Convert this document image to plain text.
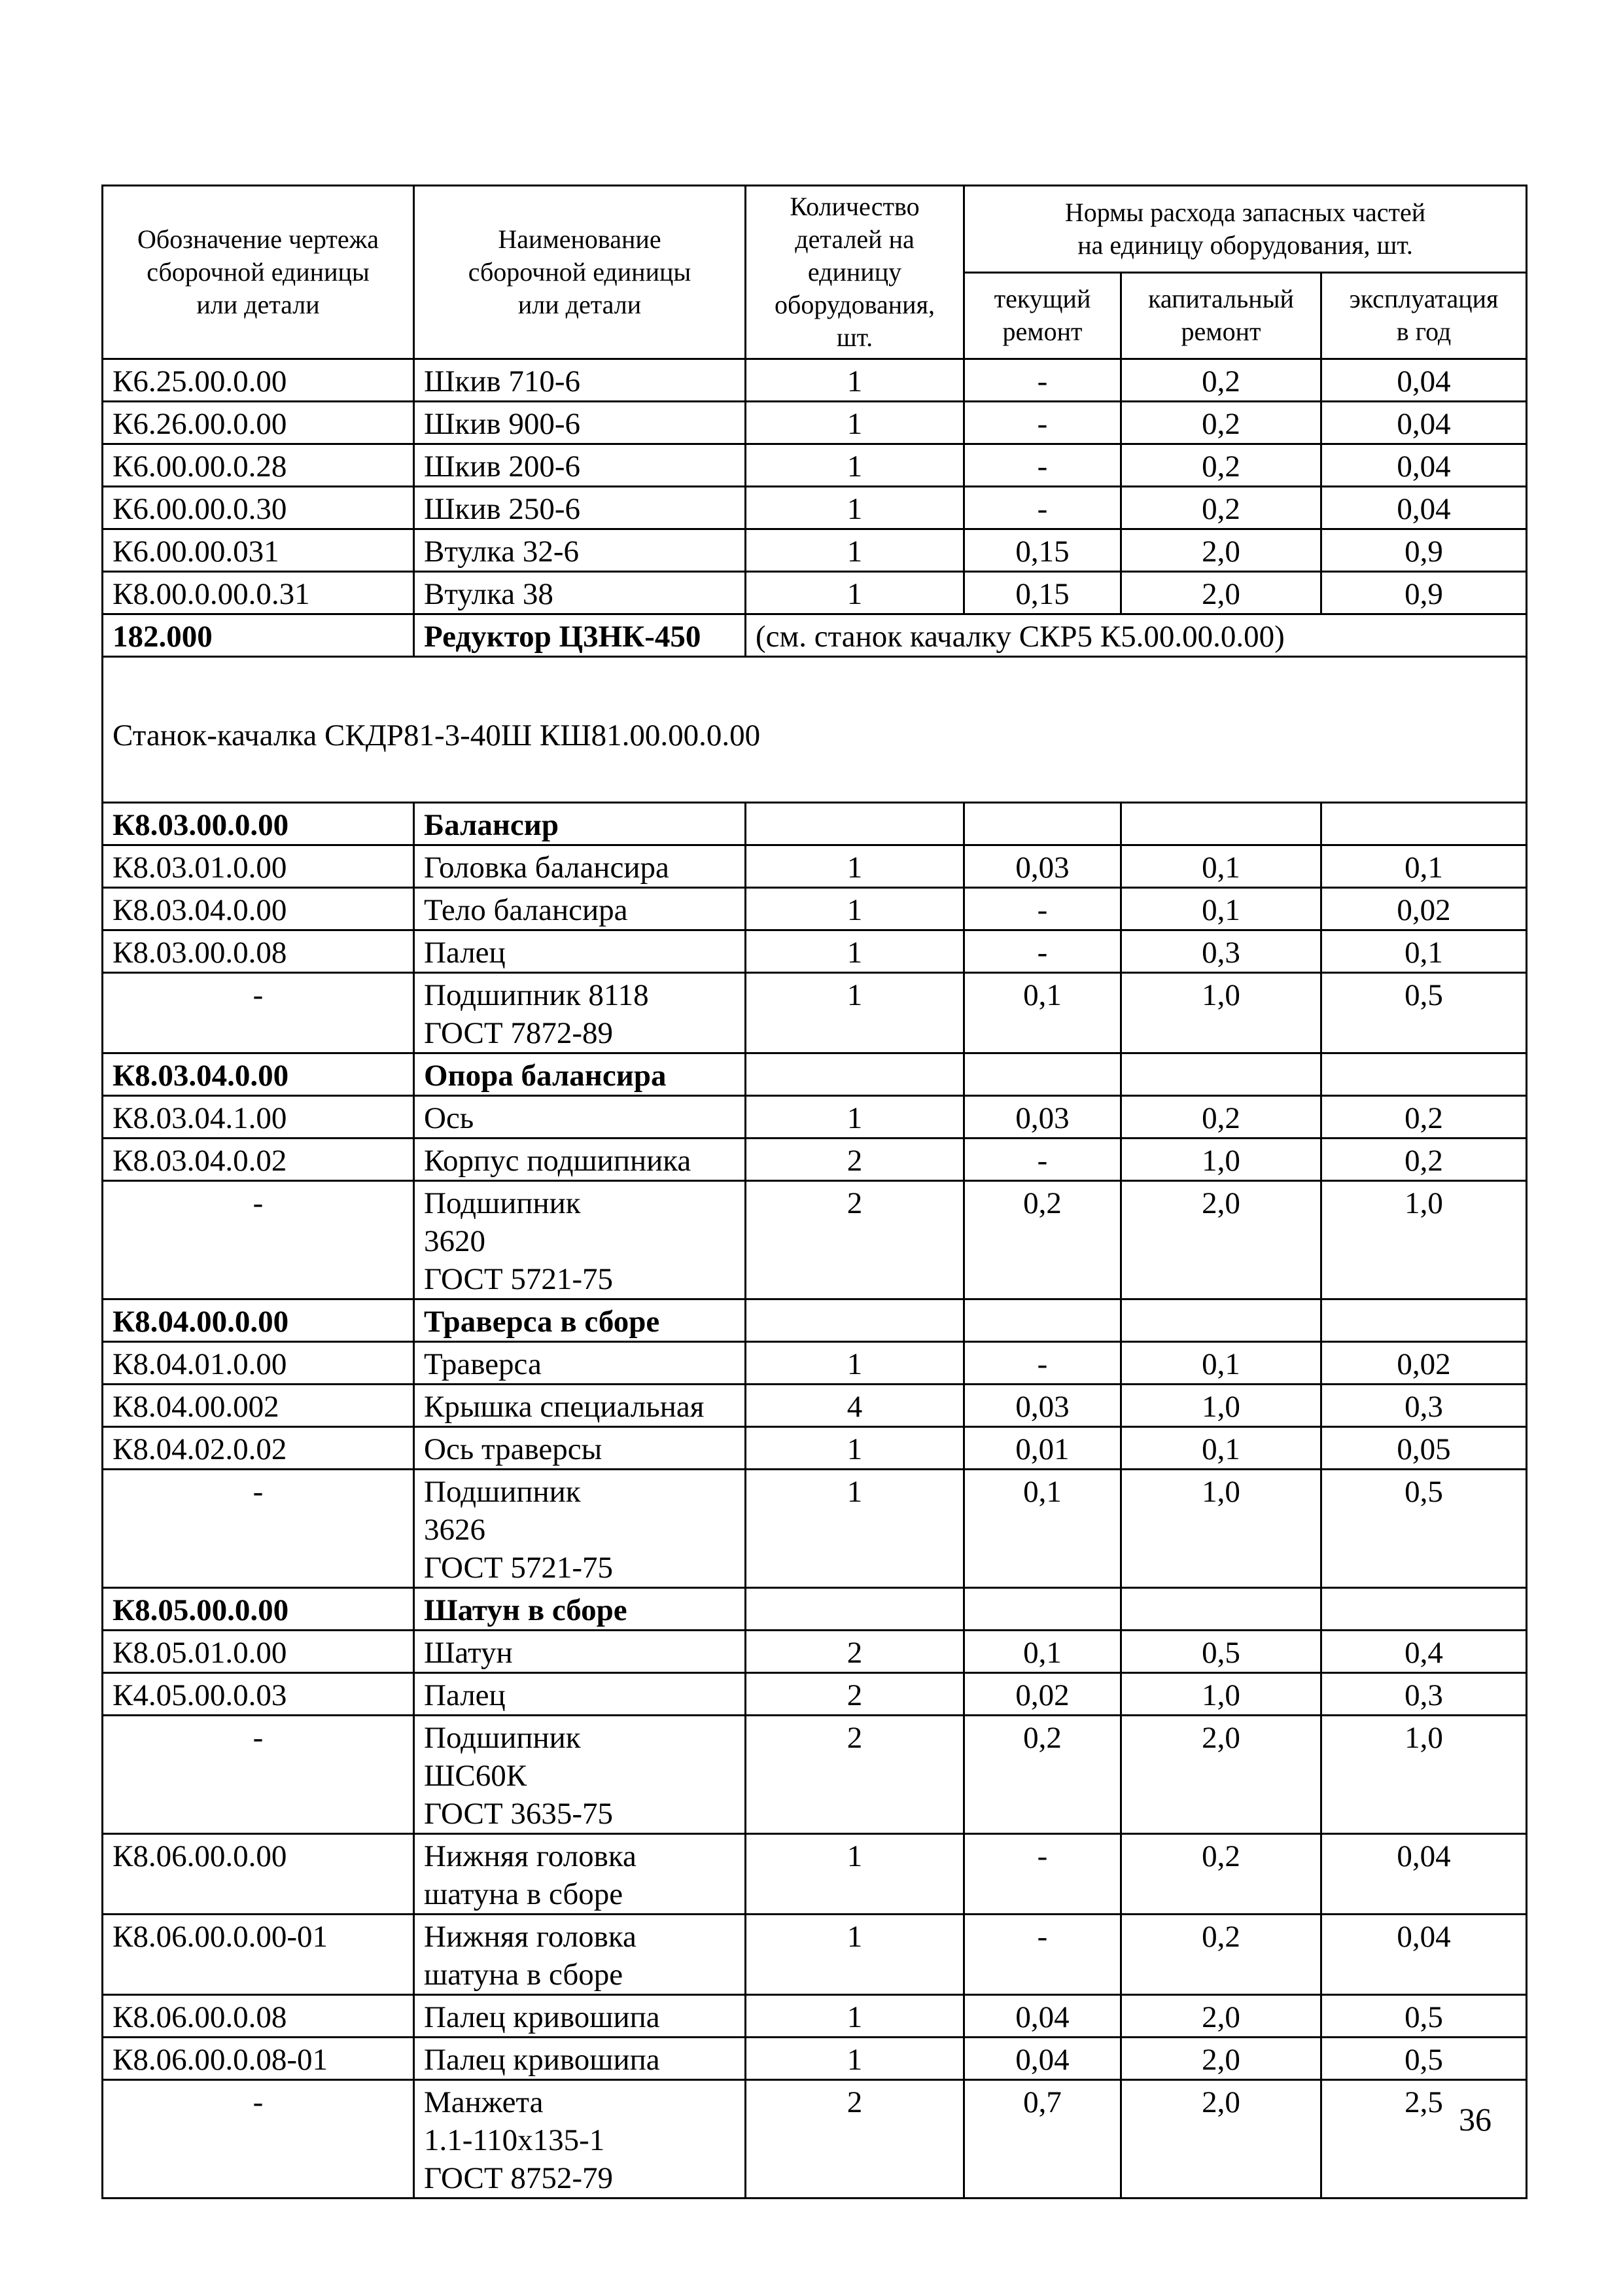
Обозначение чертежа
сборочной единицы
или детали	Наименование
сборочной единицы
или детали	Количество
деталей на
единицу
оборудования,
шт.	Нормы расхода запасных частей
на единицу оборудования, шт.		
			текущий
ремонт	капитальный
ремонт	эксплуатация
в год
К6.25.00.0.00	Шкив 710-6	1	-	0,2	0,04
К6.26.00.0.00	Шкив 900-6	1	-	0,2	0,04
К6.00.00.0.28	Шкив 200-6	1	-	0,2	0,04
К6.00.00.0.30	Шкив 250-6	1	-	0,2	0,04
К6.00.00.031	Втулка 32-6	1	0,15	2,0	0,9
К8.00.0.00.0.31	Втулка 38	1	0,15	2,0	0,9
182.000	Редуктор Ц3НК-450	(см. станок качалку СКР5 К5.00.00.0.00)			
Станок-качалка СКДР81-3-40Ш КШ81.00.00.0.00					
К8.03.00.0.00	Балансир				
К8.03.01.0.00	Головка балансира	1	0,03	0,1	0,1
К8.03.04.0.00	Тело балансира	1	-	0,1	0,02
К8.03.00.0.08	Палец	1	-	0,3	0,1
-	Подшипник 8118
ГОСТ 7872-89	1	0,1	1,0	0,5
К8.03.04.0.00	Опора балансира				
К8.03.04.1.00	Ось	1	0,03	0,2	0,2
К8.03.04.0.02	Корпус подшипника	2	-	1,0	0,2
-	Подшипник
3620
ГОСТ 5721-75	2	0,2	2,0	1,0
К8.04.00.0.00	Траверса в сборе				
К8.04.01.0.00	Траверса	1	-	0,1	0,02
К8.04.00.002	Крышка специальная	4	0,03	1,0	0,3
К8.04.02.0.02	Ось траверсы	1	0,01	0,1	0,05
-	Подшипник
3626
ГОСТ 5721-75	1	0,1	1,0	0,5
К8.05.00.0.00	Шатун в сборе				
К8.05.01.0.00	Шатун	2	0,1	0,5	0,4
К4.05.00.0.03	Палец	2	0,02	1,0	0,3
-	Подшипник
ШС60К
ГОСТ 3635-75	2	0,2	2,0	1,0
К8.06.00.0.00	Нижняя головка
шатуна в сборе	1	-	0,2	0,04
К8.06.00.0.00-01	Нижняя головка
шатуна в сборе	1	-	0,2	0,04
К8.06.00.0.08	Палец кривошипа	1	0,04	2,0	0,5
К8.06.00.0.08-01	Палец кривошипа	1	0,04	2,0	0,5
-	Манжета
1.1-110x135-1
ГОСТ 8752-79	2	0,7	2,0	2,5 36
